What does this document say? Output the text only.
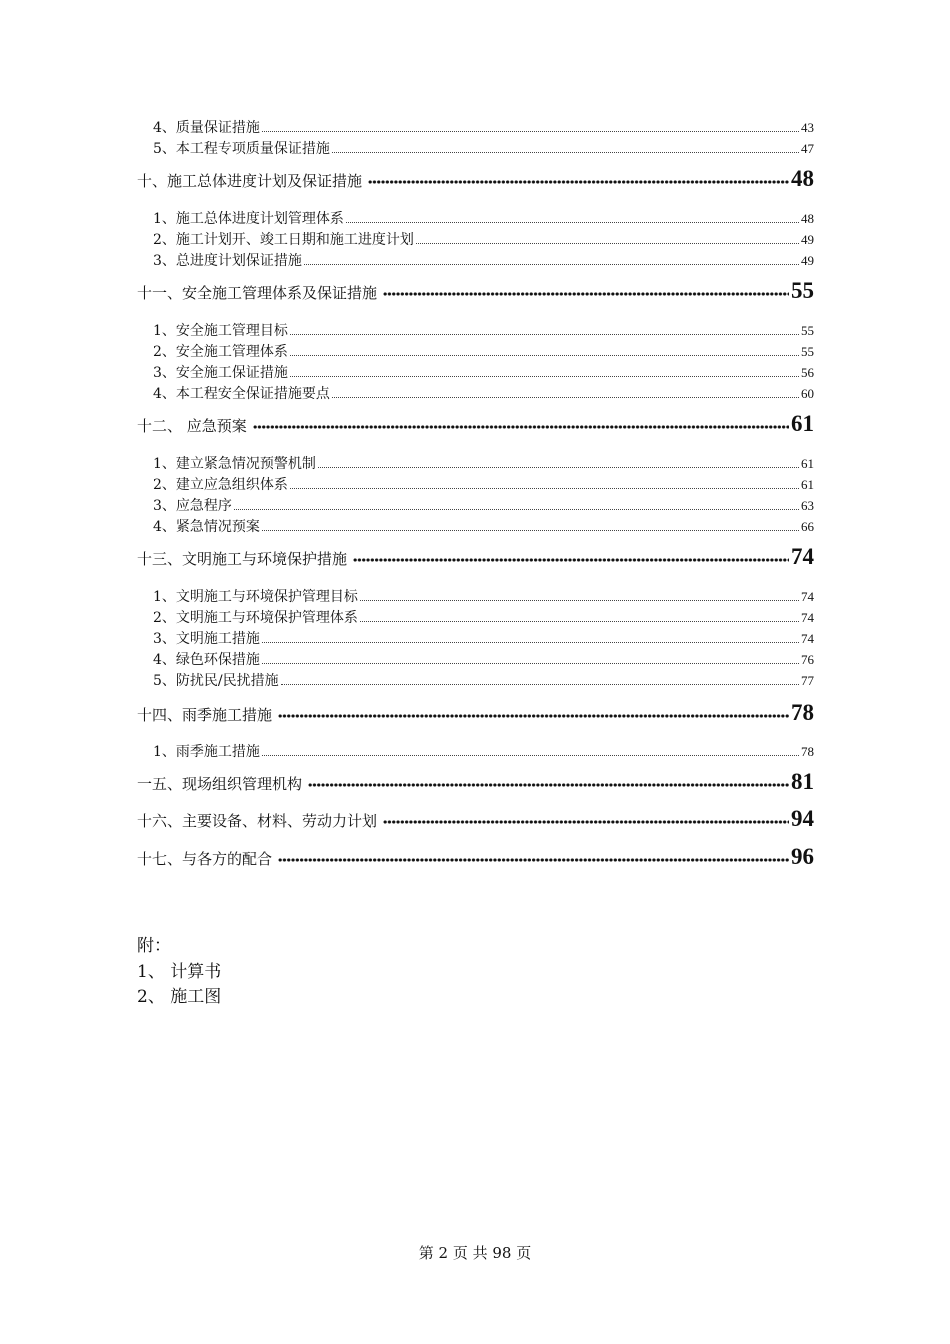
4、质量保证措施	43
5、本工程专项质量保证措施	47
十、施工总体进度计划及保证措施	48
1、施工总体进度计划管理体系	48
2、施工计划开、竣工日期和施工进度计划	49
3、总进度计划保证措施	49
十一、安全施工管理体系及保证措施	55
1、安全施工管理目标	55
2、安全施工管理体系	55
3、安全施工保证措施	56
4、本工程安全保证措施要点	60
十二、 应急预案	61
1、建立紧急情况预警机制	61
2、建立应急组织体系	61
3、应急程序	63
4、紧急情况预案	66
十三、文明施工与环境保护措施	74
1、文明施工与环境保护管理目标	74
2、文明施工与环境保护管理体系	74
3、文明施工措施	74
4、绿色环保措施	76
5、防扰民/民扰措施	77
十四、雨季施工措施	78
1、雨季施工措施	78
一五、现场组织管理机构	81
十六、主要设备、材料、劳动力计划	94
十七、与各方的配合	96
附：
1、 计算书
2、 施工图
第 2 页 共 98 页
